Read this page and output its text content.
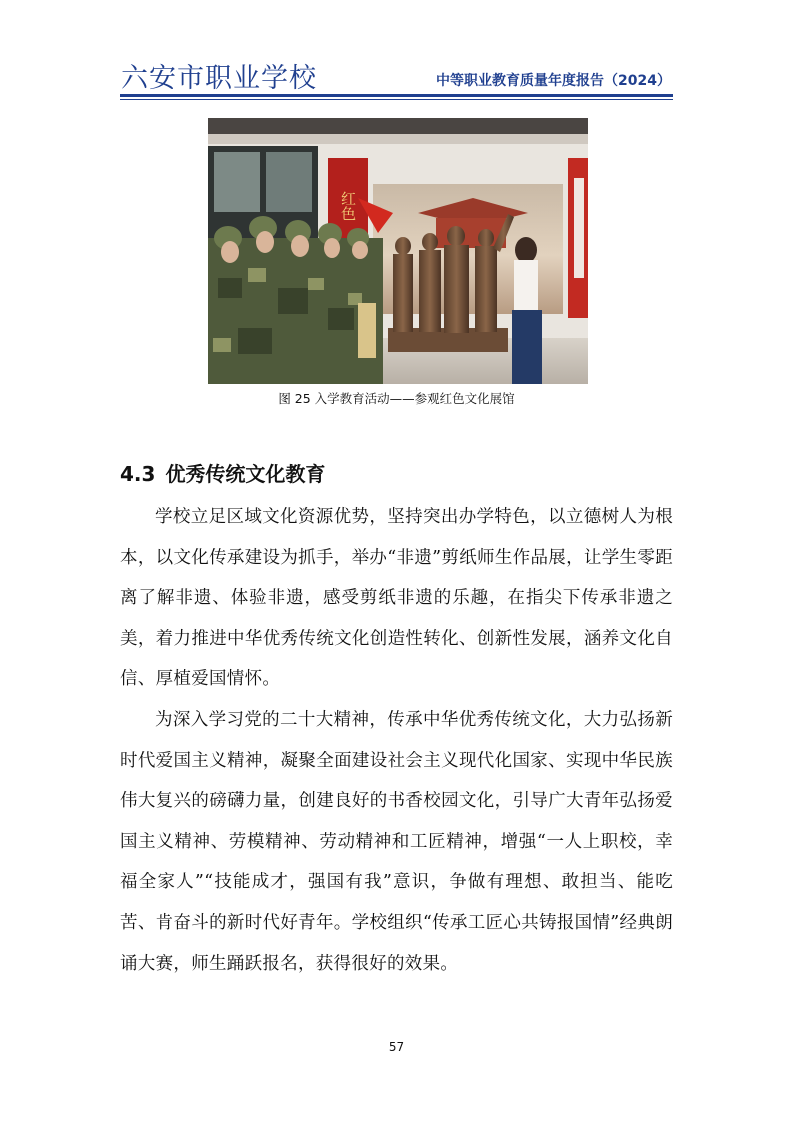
六安市职业学校	中等职业教育质量年度报告（2024）
红色
图 25 入学教育活动——参观红色文化展馆
4.3 优秀传统文化教育

学校立足区域文化资源优势，坚持突出办学特色，以立德树人为根本，以文化传承建设为抓手，举办“非遗”剪纸师生作品展，让学生零距离了解非遗、体验非遗，感受剪纸非遗的乐趣，在指尖下传承非遗之美，着力推进中华优秀传统文化创造性转化、创新性发展，涵养文化自信、厚植爱国情怀。

为深入学习党的二十大精神，传承中华优秀传统文化，大力弘扬新时代爱国主义精神，凝聚全面建设社会主义现代化国家、实现中华民族伟大复兴的磅礴力量，创建良好的书香校园文化，引导广大青年弘扬爱国主义精神、劳模精神、劳动精神和工匠精神，增强“一人上职校，幸福全家人”“技能成才，强国有我”意识，争做有理想、敢担当、能吃苦、肯奋斗的新时代好青年。学校组织“传承工匠心共铸报国情”经典朗诵大赛，师生踊跃报名，获得很好的效果。

57
